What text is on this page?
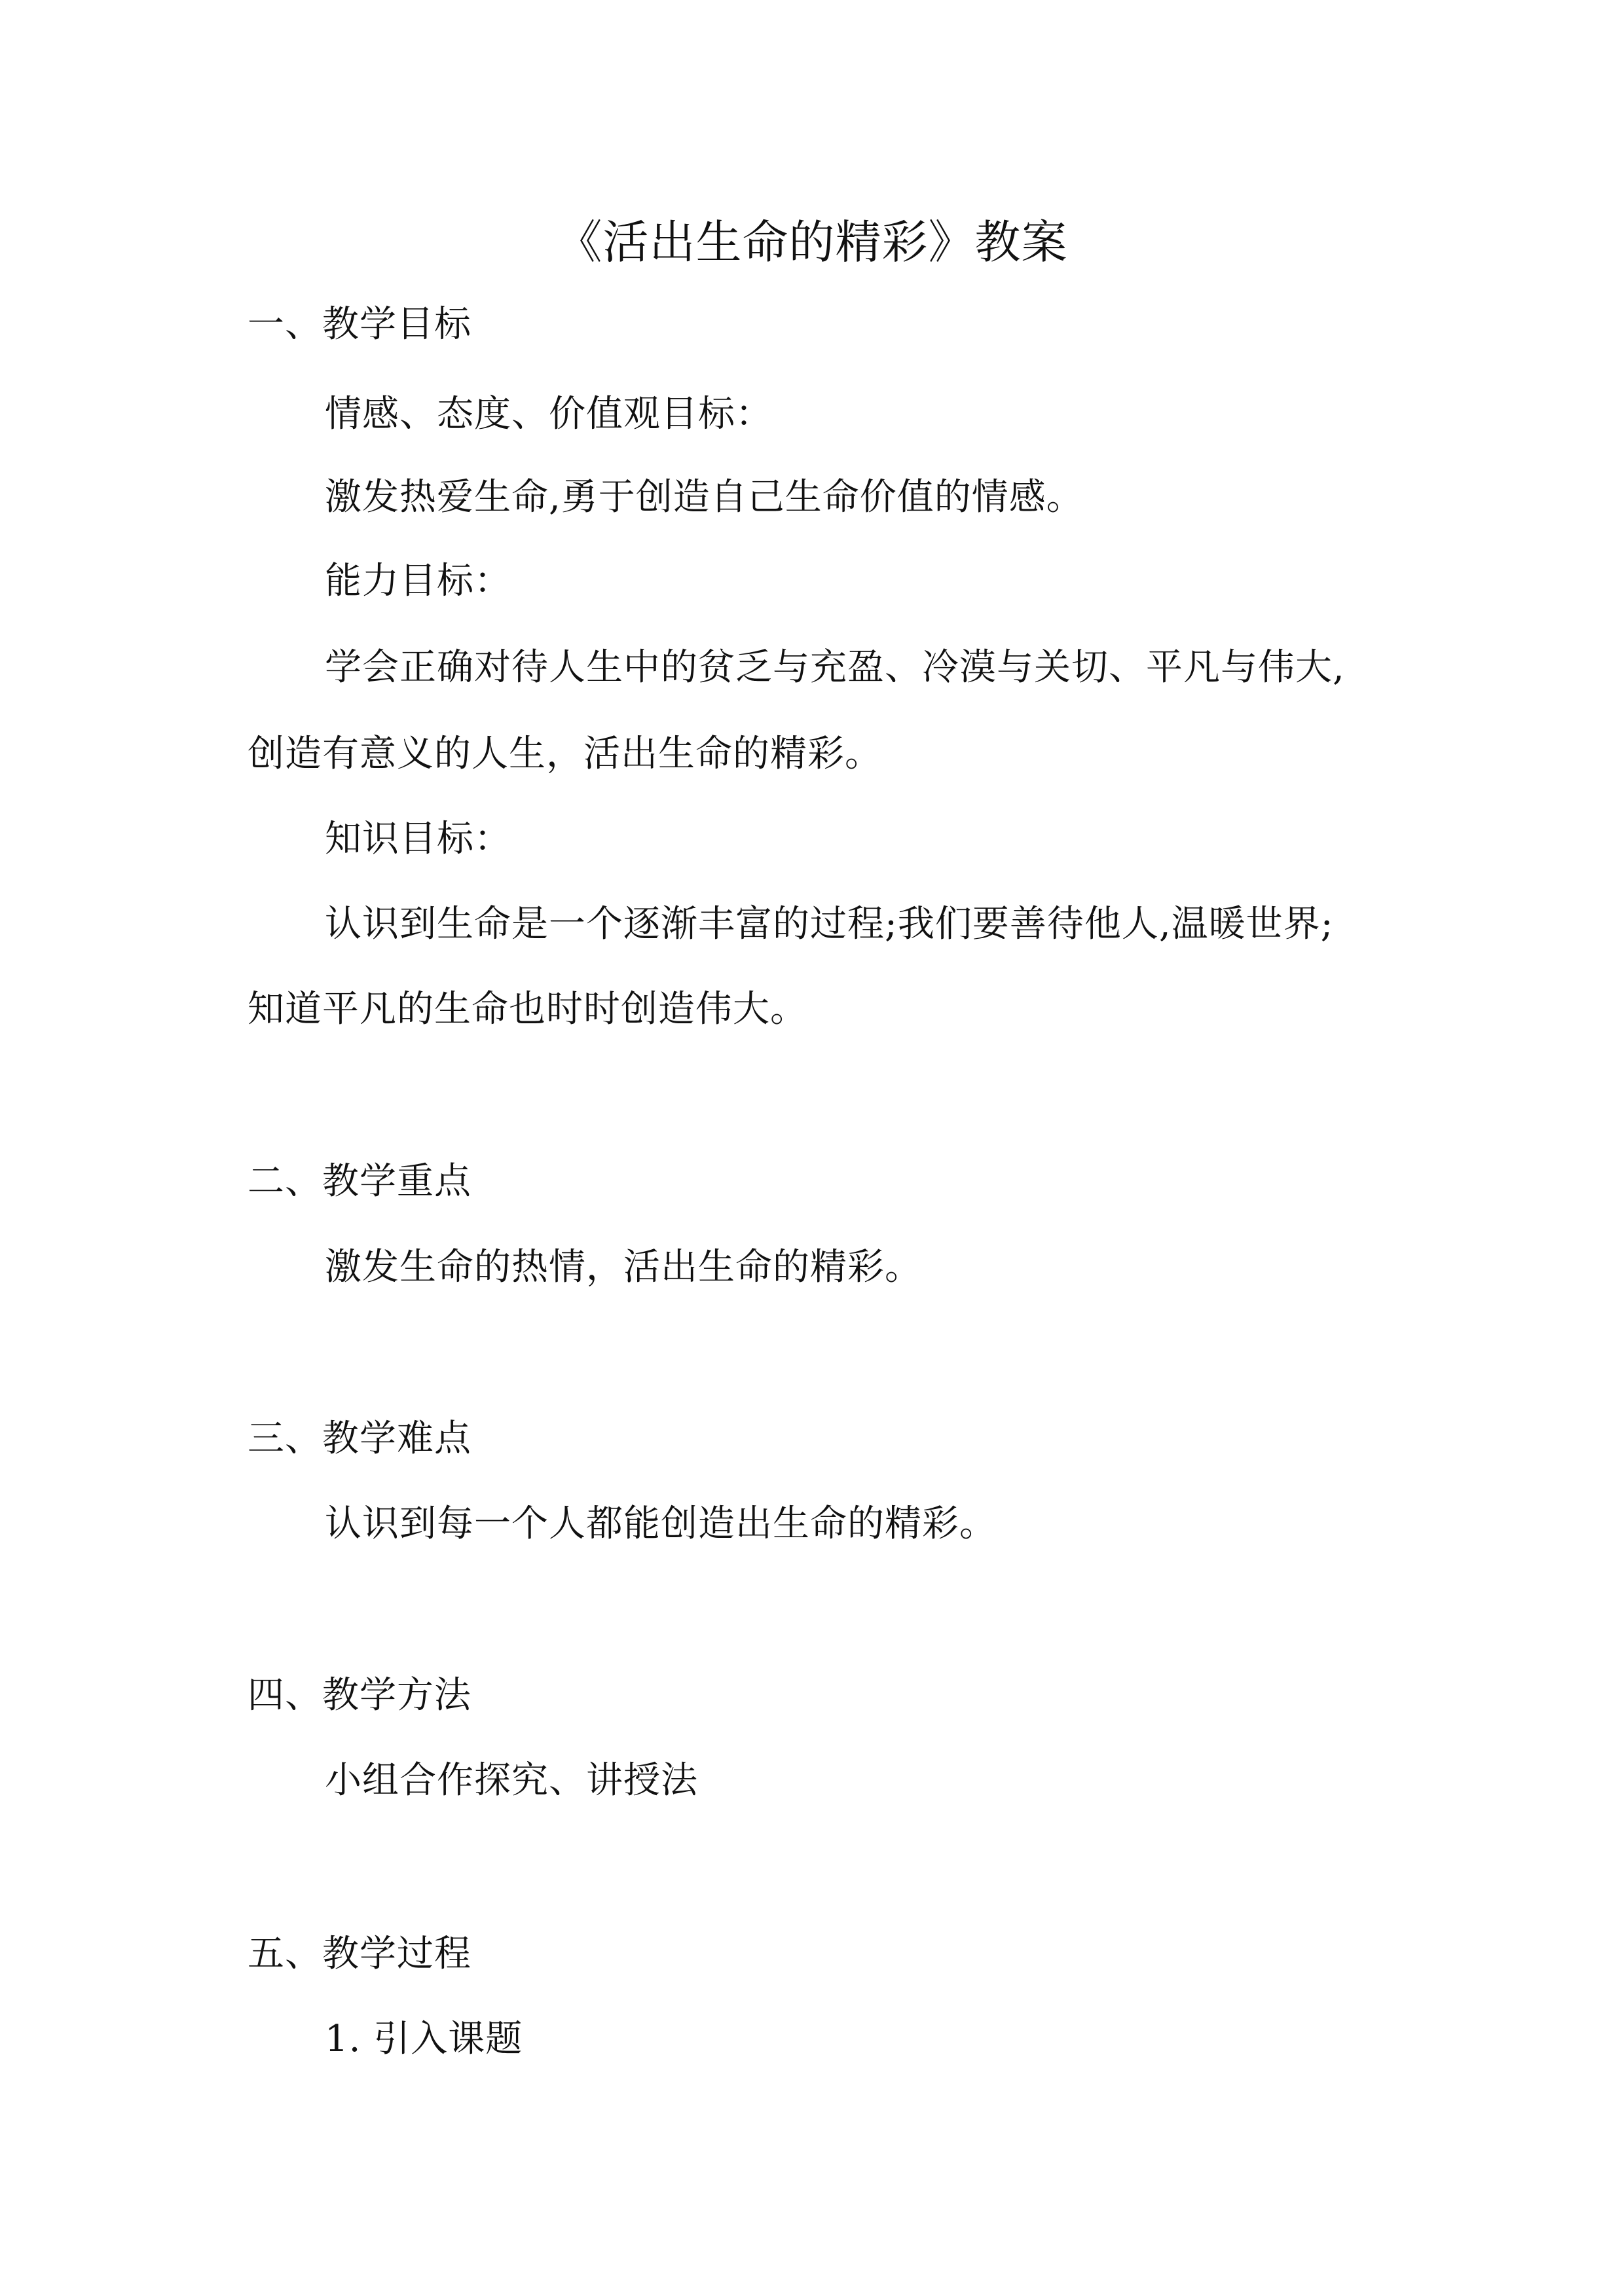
《活出生命的精彩》教案
一、教学目标
情感、态度、价值观目标：
激发热爱生命,勇于创造自己生命价值的情感。
能力目标：
学会正确对待人生中的贫乏与充盈、冷漠与关切、平凡与伟大,
创造有意义的人生，活出生命的精彩。
知识目标：
认识到生命是一个逐渐丰富的过程;我们要善待他人,温暖世界;
知道平凡的生命也时时创造伟大。
二、教学重点
激发生命的热情，活出生命的精彩。
三、教学难点
认识到每一个人都能创造出生命的精彩。
四、教学方法
小组合作探究、讲授法
五、教学过程
1. 引入课题
